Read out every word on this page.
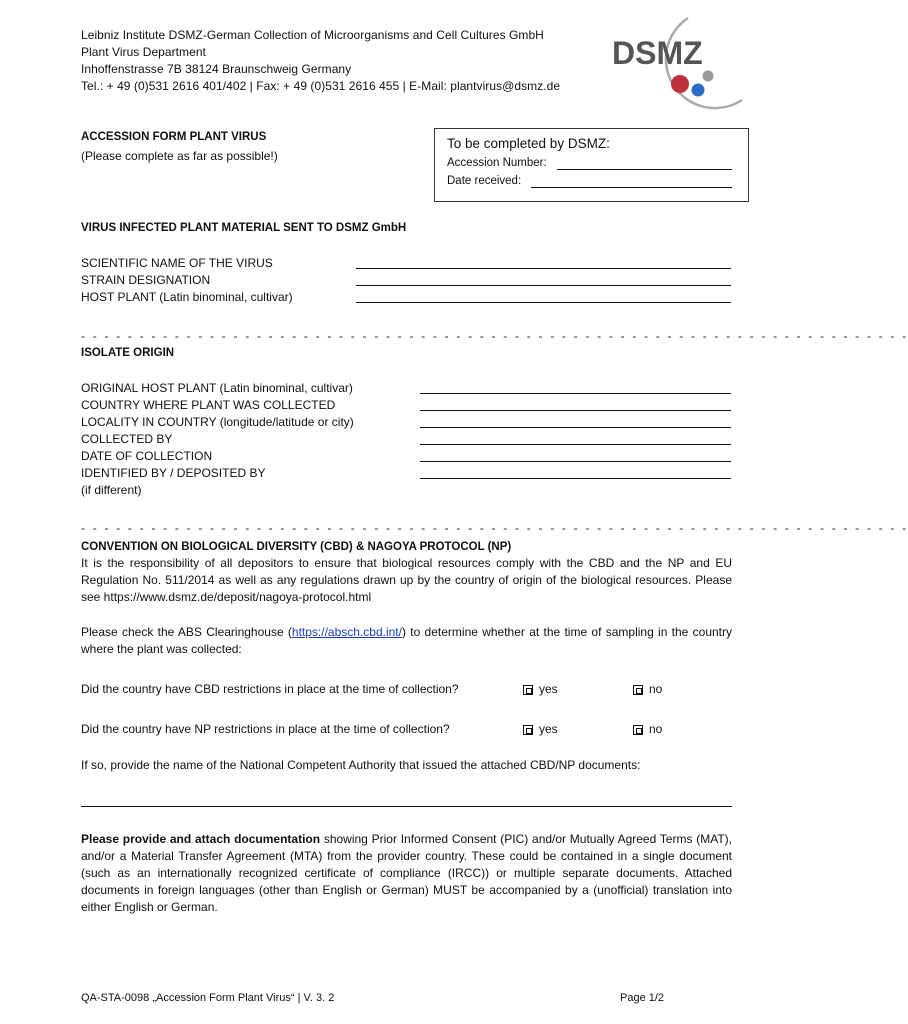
Leibniz Institute DSMZ-German Collection of Microorganisms and Cell Cultures GmbH
Plant Virus Department
Inhoffenstrasse 7B 38124 Braunschweig Germany
Tel.: + 49 (0)531 2616 401/402 | Fax: + 49 (0)531 2616 455 | E-Mail: plantvirus@dsmz.de
DSMZ
ACCESSION FORM PLANT VIRUS
(Please complete as far as possible!)
To be completed by DSMZ:
Accession Number:
Date received:
VIRUS INFECTED PLANT MATERIAL SENT TO DSMZ GmbH
SCIENTIFIC NAME OF THE VIRUS
STRAIN DESIGNATION
HOST PLANT (Latin binominal, cultivar)
- - - - - - - - - - - - - - - - - - - - - - - - - - - - - - - - - - - - - - - - - - - - - - - - - - - - - - - - - - - - - - - - - - - - - - -
ISOLATE ORIGIN
ORIGINAL HOST PLANT (Latin binominal, cultivar)
COUNTRY WHERE PLANT WAS COLLECTED
LOCALITY IN COUNTRY (longitude/latitude or city)
COLLECTED BY
DATE OF COLLECTION
IDENTIFIED BY / DEPOSITED BY
(if different)
- - - - - - - - - - - - - - - - - - - - - - - - - - - - - - - - - - - - - - - - - - - - - - - - - - - - - - - - - - - - - - - - - - - - - - -
CONVENTION ON BIOLOGICAL DIVERSITY (CBD) & NAGOYA PROTOCOL (NP)
It is the responsibility of all depositors to ensure that biological resources comply with the CBD and the NP and EU Regulation No. 511/2014 as well as any regulations drawn up by the country of origin of the biological resources. Please see https://www.dsmz.de/deposit/nagoya-protocol.html
Please check the ABS Clearinghouse (https://absch.cbd.int/) to determine whether at the time of sampling in the country where the plant was collected:
Did the country have CBD restrictions in place at the time of collection?	yes	no
Did the country have NP restrictions in place at the time of collection?	yes	no
If so, provide the name of the National Competent Authority that issued the attached CBD/NP documents:
Please provide and attach documentation showing Prior Informed Consent (PIC) and/or Mutually Agreed Terms (MAT), and/or a Material Transfer Agreement (MTA) from the provider country. These could be contained in a single document (such as an internationally recognized certificate of compliance (IRCC)) or multiple separate documents. Attached documents in foreign languages (other than English or German) MUST be accompanied by a (unofficial) translation into either English or German.
QA-STA-0098 „Accession Form Plant Virus“ | V. 3. 2	Page 1/2
